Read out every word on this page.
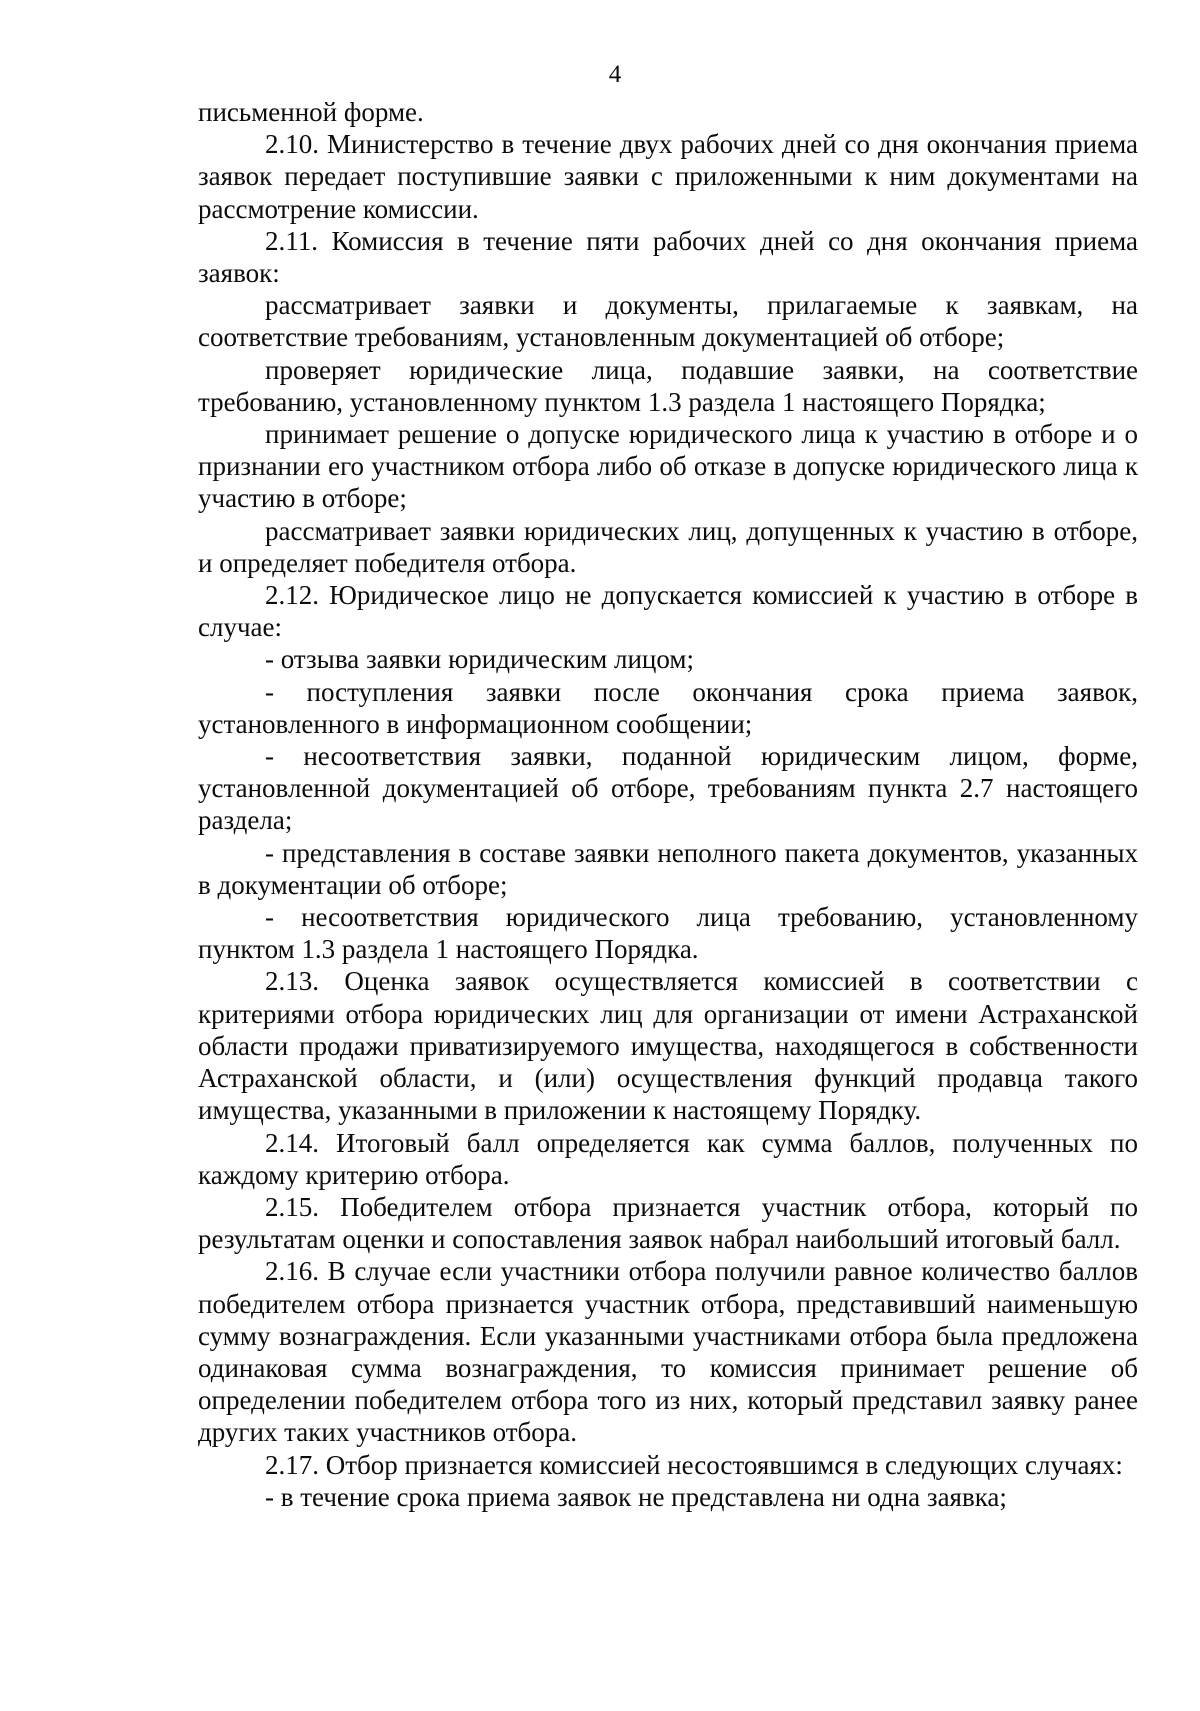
4

письменной форме.

2.10. Министерство в течение двух рабочих дней со дня окончания приема заявок передает поступившие заявки с приложенными к ним документами на рассмотрение комиссии.

2.11. Комиссия в течение пяти рабочих дней со дня окончания приема заявок:

рассматривает заявки и документы, прилагаемые к заявкам, на соответствие требованиям, установленным документацией об отборе;

проверяет юридические лица, подавшие заявки, на соответствие требованию, установленному пунктом 1.3 раздела 1 настоящего Порядка;

принимает решение о допуске юридического лица к участию в отборе и о признании его участником отбора либо об отказе в допуске юридического лица к участию в отборе;

рассматривает заявки юридических лиц, допущенных к участию в отборе, и определяет победителя отбора.

2.12. Юридическое лицо не допускается комиссией к участию в отборе в случае:

- отзыва заявки юридическим лицом;

- поступления заявки после окончания срока приема заявок, установленного в информационном сообщении;

- несоответствия заявки, поданной юридическим лицом, форме, установленной документацией об отборе, требованиям пункта 2.7 настоящего раздела;

- представления в составе заявки неполного пакета документов, указанных в документации об отборе;

- несоответствия юридического лица требованию, установленному пунктом 1.3 раздела 1 настоящего Порядка.

2.13. Оценка заявок осуществляется комиссией в соответствии с критериями отбора юридических лиц для организации от имени Астраханской области продажи приватизируемого имущества, находящегося в собственности Астраханской области, и (или) осуществления функций продавца такого имущества, указанными в приложении к настоящему Порядку.

2.14. Итоговый балл определяется как сумма баллов, полученных по каждому критерию отбора.

2.15. Победителем отбора признается участник отбора, который по результатам оценки и сопоставления заявок набрал наибольший итоговый балл.

2.16. В случае если участники отбора получили равное количество баллов победителем отбора признается участник отбора, представивший наименьшую сумму вознаграждения. Если указанными участниками отбора была предложена одинаковая сумма вознаграждения, то комиссия принимает решение об определении победителем отбора того из них, который представил заявку ранее других таких участников отбора.

2.17. Отбор признается комиссией несостоявшимся в следующих случаях:

- в течение срока приема заявок не представлена ни одна заявка;
